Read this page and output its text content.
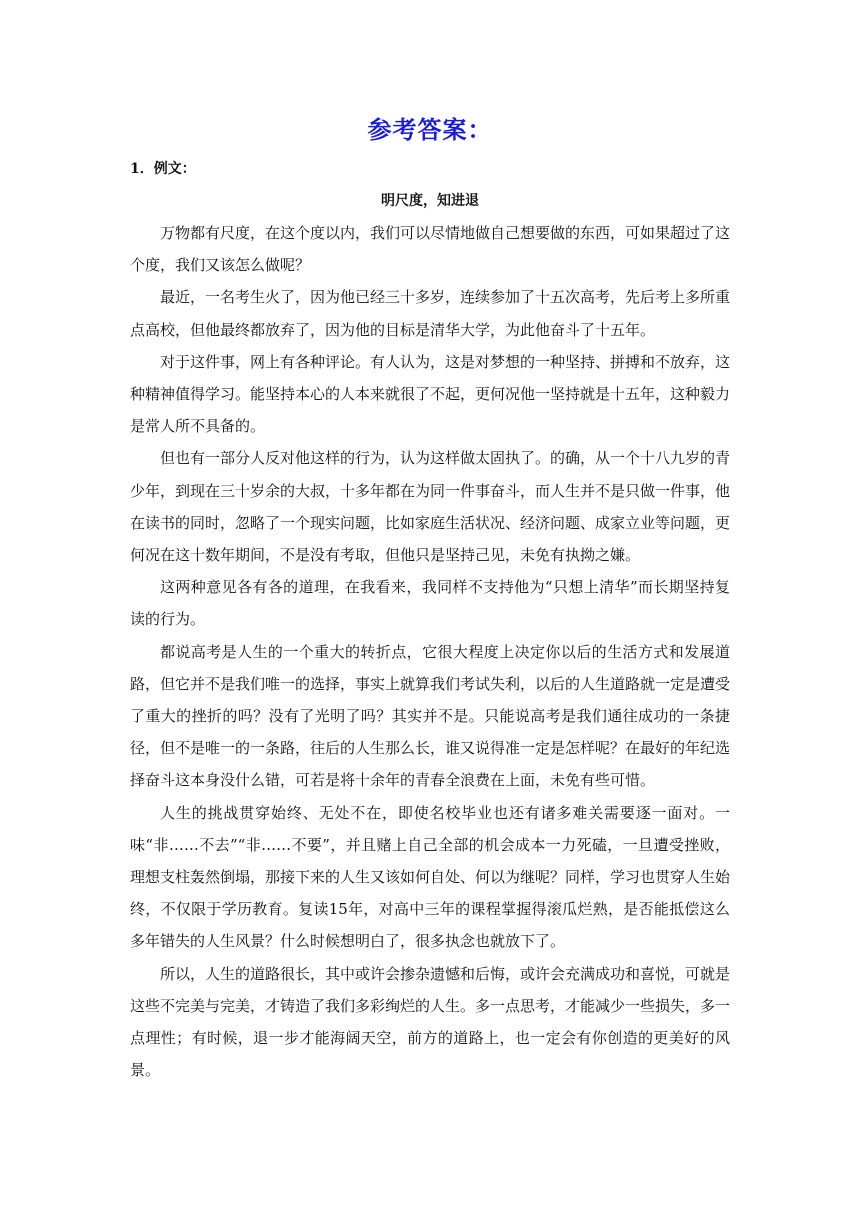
参考答案：

1．例文：

明尺度，知进退

万物都有尺度，在这个度以内，我们可以尽情地做自己想要做的东西，可如果超过了这个度，我们又该怎么做呢？

最近，一名考生火了，因为他已经三十多岁，连续参加了十五次高考，先后考上多所重点高校，但他最终都放弃了，因为他的目标是清华大学，为此他奋斗了十五年。

对于这件事，网上有各种评论。有人认为，这是对梦想的一种坚持、拼搏和不放弃，这种精神值得学习。能坚持本心的人本来就很了不起，更何况他一坚持就是十五年，这种毅力是常人所不具备的。

但也有一部分人反对他这样的行为，认为这样做太固执了。的确，从一个十八九岁的青少年，到现在三十岁余的大叔，十多年都在为同一件事奋斗，而人生并不是只做一件事，他在读书的同时，忽略了一个现实问题，比如家庭生活状况、经济问题、成家立业等问题，更何况在这十数年期间，不是没有考取，但他只是坚持己见，未免有执拗之嫌。

这两种意见各有各的道理，在我看来，我同样不支持他为“只想上清华”而长期坚持复读的行为。

都说高考是人生的一个重大的转折点，它很大程度上决定你以后的生活方式和发展道路，但它并不是我们唯一的选择，事实上就算我们考试失利，以后的人生道路就一定是遭受了重大的挫折的吗？没有了光明了吗？其实并不是。只能说高考是我们通往成功的一条捷径，但不是唯一的一条路，往后的人生那么长，谁又说得准一定是怎样呢？在最好的年纪选择奋斗这本身没什么错，可若是将十余年的青春全浪费在上面，未免有些可惜。

人生的挑战贯穿始终、无处不在，即使名校毕业也还有诸多难关需要逐一面对。一味“非……不去”“非……不要”，并且赌上自己全部的机会成本一力死磕，一旦遭受挫败，理想支柱轰然倒塌，那接下来的人生又该如何自处、何以为继呢？同样，学习也贯穿人生始终，不仅限于学历教育。复读15年，对高中三年的课程掌握得滚瓜烂熟，是否能抵偿这么多年错失的人生风景？什么时候想明白了，很多执念也就放下了。

所以，人生的道路很长，其中或许会掺杂遗憾和后悔，或许会充满成功和喜悦，可就是这些不完美与完美，才铸造了我们多彩绚烂的人生。多一点思考，才能减少一些损失，多一点理性；有时候，退一步才能海阔天空，前方的道路上，也一定会有你创造的更美好的风景。
